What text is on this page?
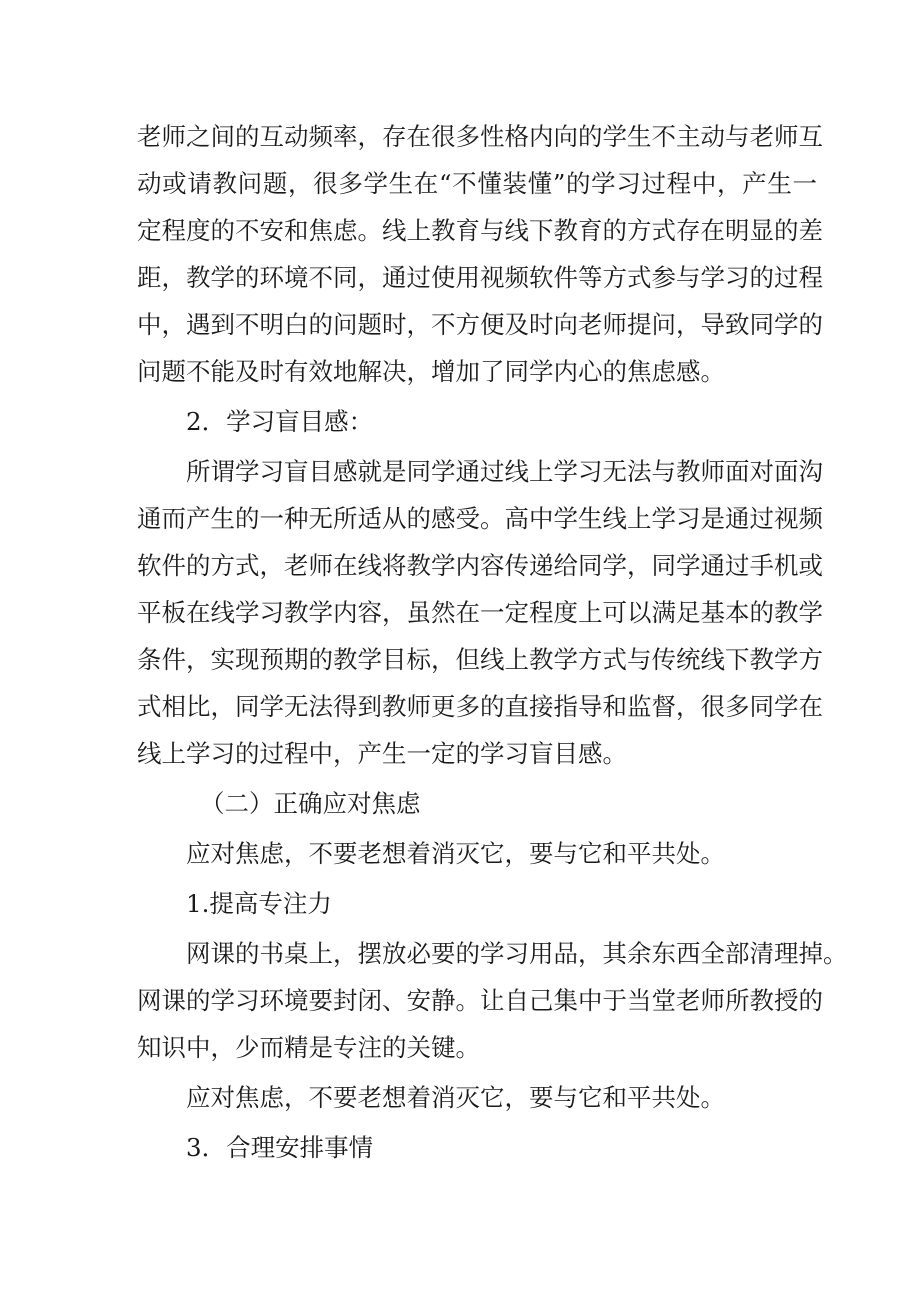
老师之间的互动频率，存在很多性格内向的学生不主动与老师互
动或请教问题，很多学生在“不懂装懂”的学习过程中，产生一
定程度的不安和焦虑。线上教育与线下教育的方式存在明显的差
距，教学的环境不同，通过使用视频软件等方式参与学习的过程
中，遇到不明白的问题时，不方便及时向老师提问，导致同学的
问题不能及时有效地解决，增加了同学内心的焦虑感。
2．学习盲目感：
所谓学习盲目感就是同学通过线上学习无法与教师面对面沟
通而产生的一种无所适从的感受。高中学生线上学习是通过视频
软件的方式，老师在线将教学内容传递给同学，同学通过手机或
平板在线学习教学内容，虽然在一定程度上可以满足基本的教学
条件，实现预期的教学目标，但线上教学方式与传统线下教学方
式相比，同学无法得到教师更多的直接指导和监督，很多同学在
线上学习的过程中，产生一定的学习盲目感。
（二）正确应对焦虑
应对焦虑，不要老想着消灭它，要与它和平共处。
1.提高专注力
网课的书桌上，摆放必要的学习用品，其余东西全部清理掉。
网课的学习环境要封闭、安静。让自己集中于当堂老师所教授的
知识中，少而精是专注的关键。
应对焦虑，不要老想着消灭它，要与它和平共处。
3．合理安排事情
